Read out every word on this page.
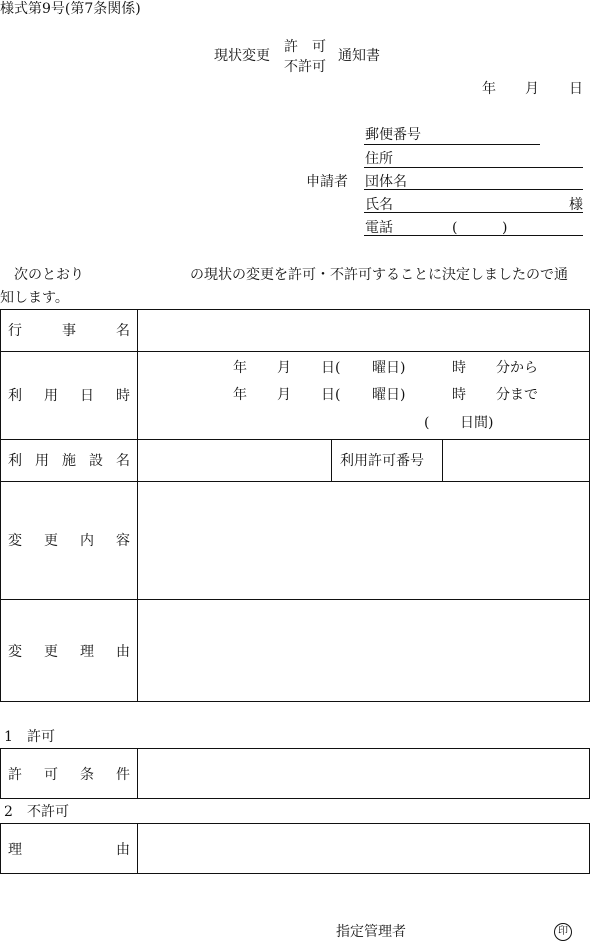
様式第9号(第7条関係)
現状変更
許　可
不許可
通知書
年 月 日
申請者
郵便番号
住所
団体名
氏名	様
電話	(	)
次のとおり	の現状の変更を許可・不許可することに決定しましたので通
知します。
行	事	名
利 用 日 時
年 月 日( 曜日)	時 分から
年 月 日( 曜日)	時 分まで
( 日間)
利 用 施 設 名	利用許可番号
変 更 内 容
変 更 理 由
1 許可
許 可 条 件
2 不許可
理	由
指定管理者	印
